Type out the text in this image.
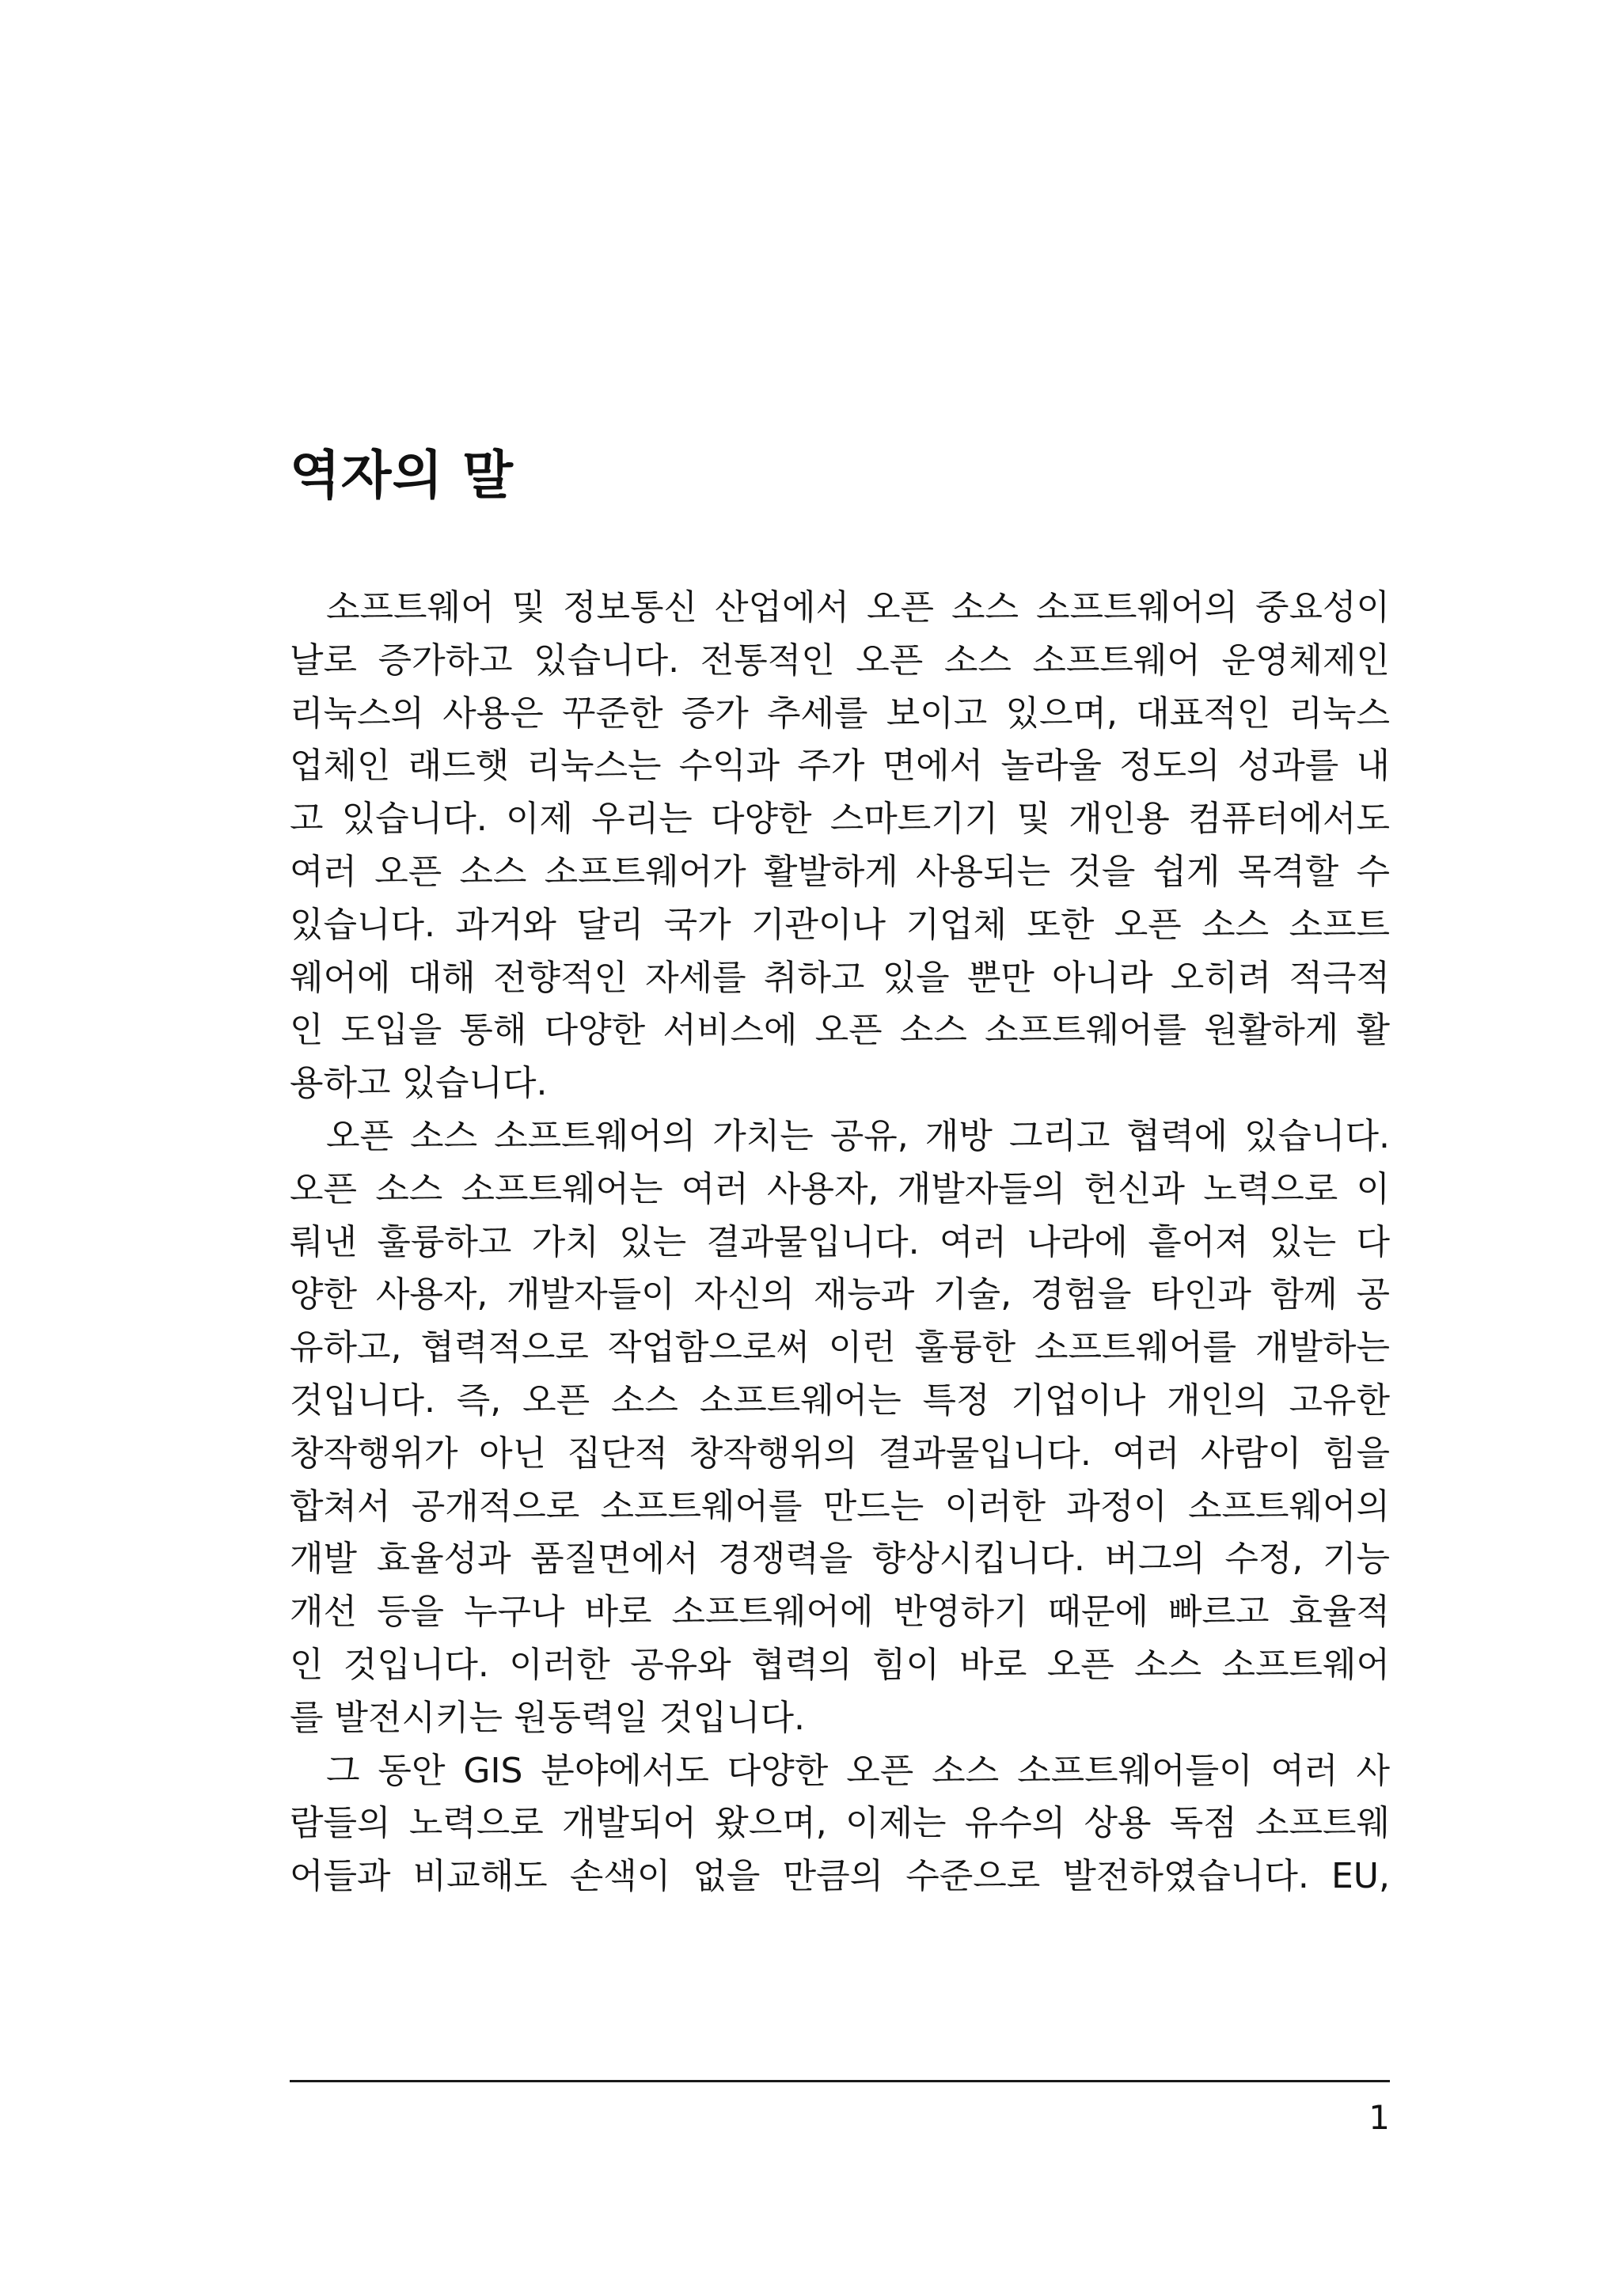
역자의 말
소프트웨어 및 정보통신 산업에서 오픈 소스 소프트웨어의 중요성이
날로 증가하고 있습니다. 전통적인 오픈 소스 소프트웨어 운영체제인
리눅스의 사용은 꾸준한 증가 추세를 보이고 있으며, 대표적인 리눅스
업체인 래드햇 리눅스는 수익과 주가 면에서 놀라울 정도의 성과를 내
고 있습니다. 이제 우리는 다양한 스마트기기 및 개인용 컴퓨터에서도
여러 오픈 소스 소프트웨어가 활발하게 사용되는 것을 쉽게 목격할 수
있습니다. 과거와 달리 국가 기관이나 기업체 또한 오픈 소스 소프트
웨어에 대해 전향적인 자세를 취하고 있을 뿐만 아니라 오히려 적극적
인 도입을 통해 다양한 서비스에 오픈 소스 소프트웨어를 원활하게 활
용하고 있습니다.
오픈 소스 소프트웨어의 가치는 공유, 개방 그리고 협력에 있습니다.
오픈 소스 소프트웨어는 여러 사용자, 개발자들의 헌신과 노력으로 이
뤄낸 훌륭하고 가치 있는 결과물입니다. 여러 나라에 흩어져 있는 다
양한 사용자, 개발자들이 자신의 재능과 기술, 경험을 타인과 함께 공
유하고, 협력적으로 작업함으로써 이런 훌륭한 소프트웨어를 개발하는
것입니다. 즉, 오픈 소스 소프트웨어는 특정 기업이나 개인의 고유한
창작행위가 아닌 집단적 창작행위의 결과물입니다. 여러 사람이 힘을
합쳐서 공개적으로 소프트웨어를 만드는 이러한 과정이 소프트웨어의
개발 효율성과 품질면에서 경쟁력을 향상시킵니다. 버그의 수정, 기능
개선 등을 누구나 바로 소프트웨어에 반영하기 때문에 빠르고 효율적
인 것입니다. 이러한 공유와 협력의 힘이 바로 오픈 소스 소프트웨어
를 발전시키는 원동력일 것입니다.
그 동안 GIS 분야에서도 다양한 오픈 소스 소프트웨어들이 여러 사
람들의 노력으로 개발되어 왔으며, 이제는 유수의 상용 독점 소프트웨
어들과 비교해도 손색이 없을 만큼의 수준으로 발전하였습니다. EU,
1
